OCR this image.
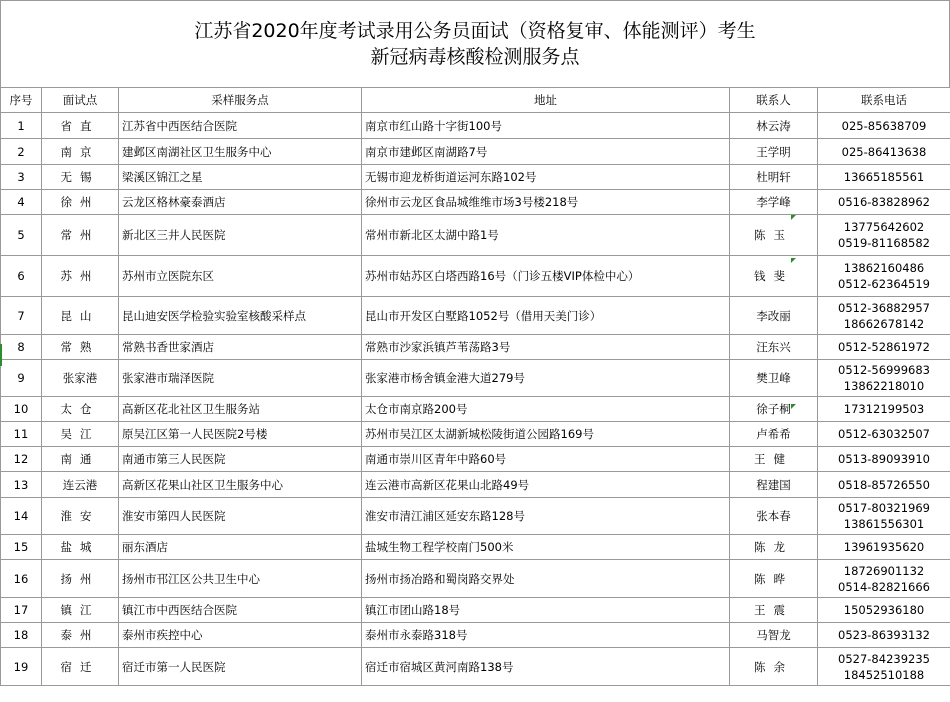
江苏省2020年度考试录用公务员面试（资格复审、体能测评）考生
新冠病毒核酸检测服务点
序号	面试点	采样服务点	地址	联系人	联系电话
1	省直	江苏省中西医结合医院	南京市红山路十字街100号	林云涛	025-85638709

2	南京	建邺区南湖社区卫生服务中心	南京市建邺区南湖路7号	王学明	025-86413638

3	无锡	梁溪区锦江之星	无锡市迎龙桥街道运河东路102号	杜明轩	13665185561

4	徐州	云龙区格林豪泰酒店	徐州市云龙区食品城维维市场3号楼218号	李学峰	0516-83828962

5	常州	新北区三井人民医院	常州市新北区太湖中路1号	陈玉	13775642602
0519-81168582

6	苏州	苏州市立医院东区	苏州市姑苏区白塔西路16号（门诊五楼VIP体检中心）	钱斐	13862160486
0512-62364519

7	昆山	昆山迪安医学检验实验室核酸采样点	昆山市开发区白墅路1052号（借用天美门诊）	李改丽	0512-36882957
18662678142

8	常熟	常熟书香世家酒店	常熟市沙家浜镇芦苇荡路3号	汪东兴	0512-52861972

9	张家港	张家港市瑞泽医院	张家港市杨舍镇金港大道279号	樊卫峰	0512-56999683
13862218010

10	太仓	高新区花北社区卫生服务站	太仓市南京路200号	徐子桐	17312199503

11	吴江	原吴江区第一人民医院2号楼	苏州市吴江区太湖新城松陵街道公园路169号	卢希希	0512-63032507

12	南通	南通市第三人民医院	南通市崇川区青年中路60号	王健	0513-89093910

13	连云港	高新区花果山社区卫生服务中心	连云港市高新区花果山北路49号	程建国	0518-85726550

14	淮安	淮安市第四人民医院	淮安市清江浦区延安东路128号	张本春	0517-80321969
13861556301

15	盐城	丽东酒店	盐城生物工程学校南门500米	陈龙	13961935620

16	扬州	扬州市邗江区公共卫生中心	扬州市扬冶路和蜀岗路交界处	陈晔	18726901132
0514-82821666

17	镇江	镇江市中西医结合医院	镇江市团山路18号	王震	15052936180

18	泰州	泰州市疾控中心	泰州市永泰路318号	马智龙	0523-86393132

19	宿迁	宿迁市第一人民医院	宿迁市宿城区黄河南路138号	陈余	0527-84239235
18452510188
